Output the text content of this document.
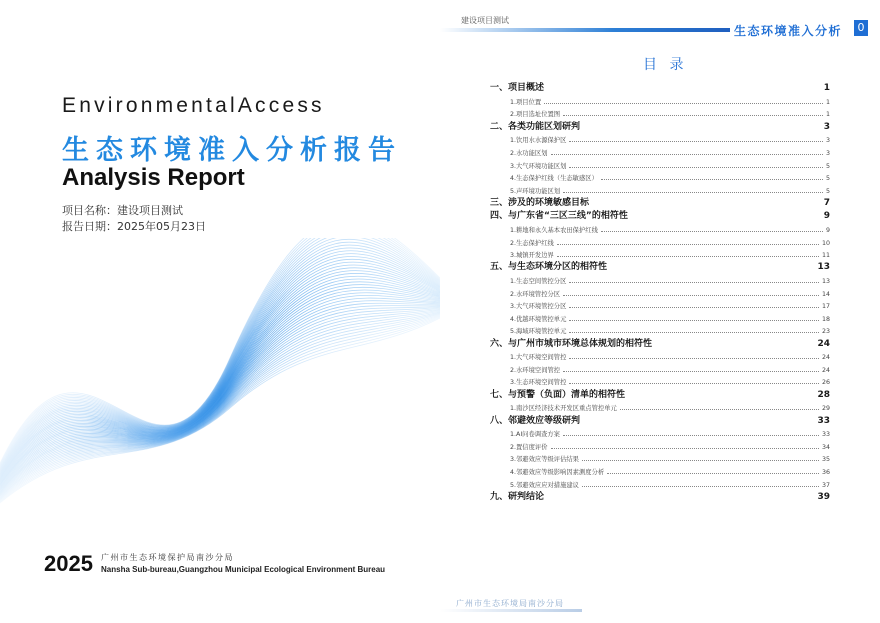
EnvironmentalAccess
生态环境准入分析报告
Analysis Report
项目名称：建设项目测试
报告日期：2025年05月23日
2025 广州市生态环境保护局南沙分局
Nansha Sub-bureau,Guangzhou Municipal Ecological Environment Bureau
建设项目测试
生态环境准入分析	0
目 录
一、项目概述	1
1.项目位置	1
2.项目选址位置图	1
二、各类功能区划研判	3
1.饮用水水源保护区	3
2.水功能区划	3
3.大气环境功能区划	5
4.生态保护红线（生态敏感区）	5
5.声环境功能区划	5
三、涉及的环境敏感目标	7
四、与广东省“三区三线”的相符性	9
1.耕地和永久基本农田保护红线	9
2.生态保护红线	10
3.城镇开发边界	11
五、与生态环境分区的相符性	13
1.生态空间管控分区	13
2.水环境管控分区	14
3.大气环境管控分区	17
4.优越环境管控单元	18
5.海域环境管控单元	23
六、与广州市城市环境总体规划的相符性	24
1.大气环境空间管控	24
2.水环境空间管控	24
3.生态环境空间管控	26
七、与预警（负面）清单的相符性	28
1.南沙区经济技术开发区重点管控单元	29
八、邻避效应等级研判	33
1.AI问卷调查方案	33
2.置信度评价	34
3.邻避效应等级评估结果	35
4.邻避效应等级影响因素测度分析	36
5.邻避效应应对措施建议	37
九、研判结论	39
广州市生态环境局南沙分局
